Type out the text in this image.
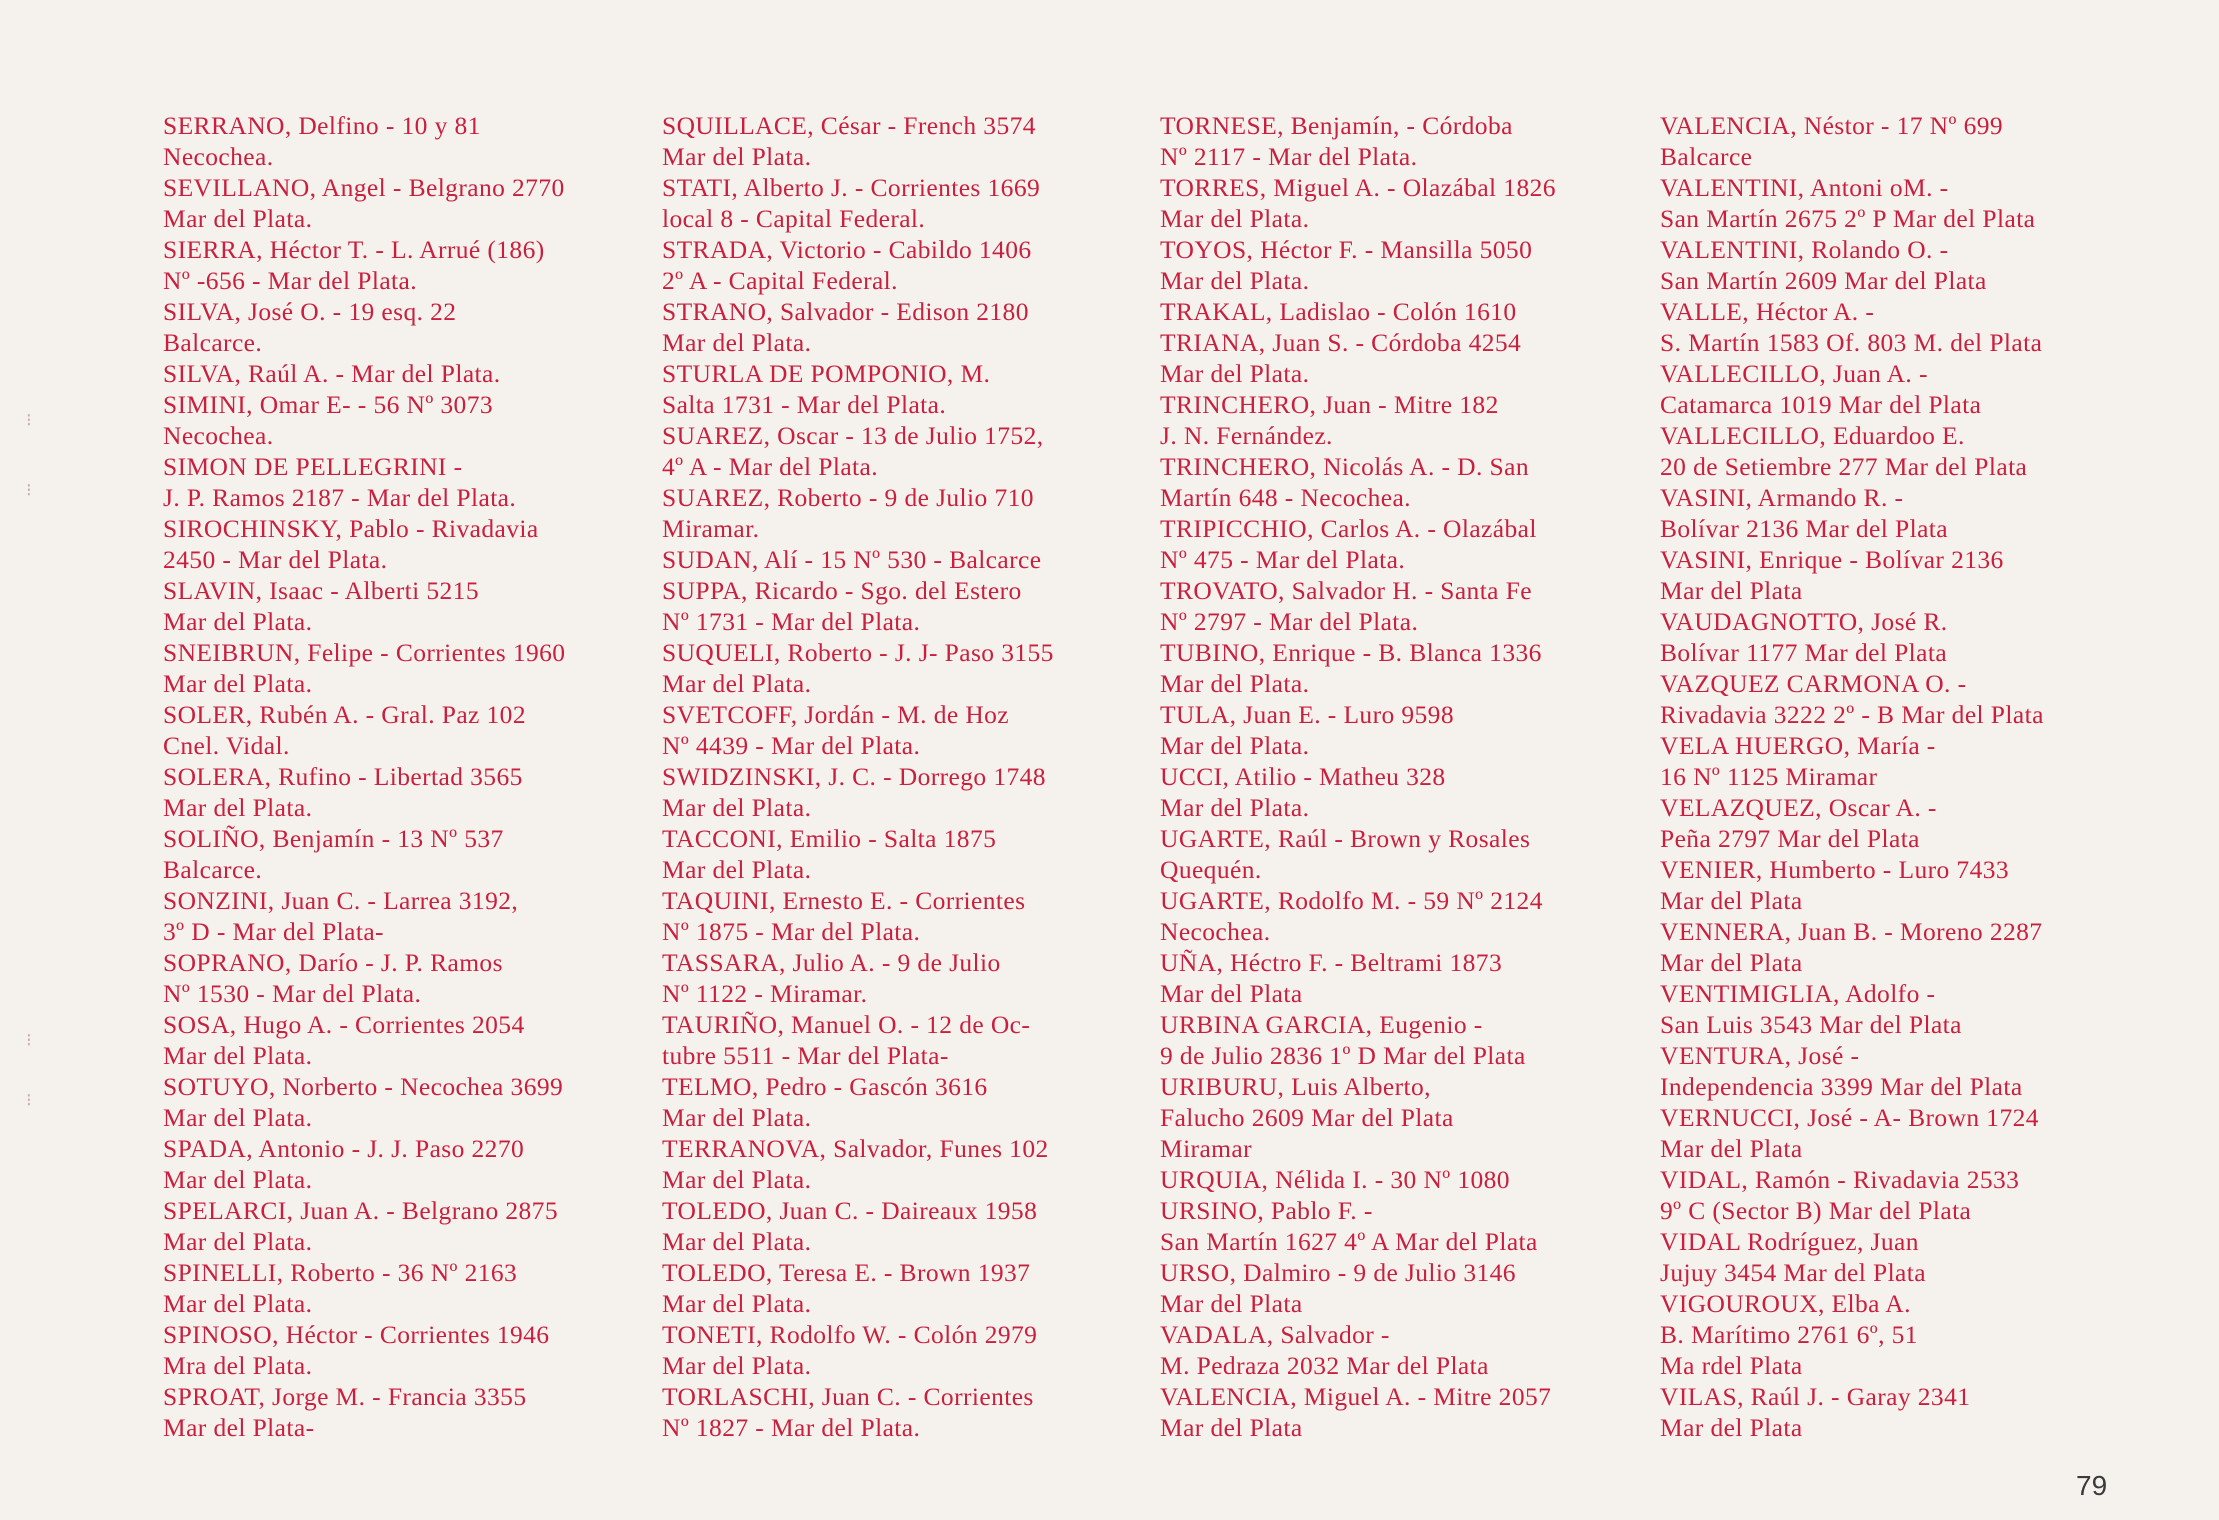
⁝
⁝
⁝
⁝
SERRANO, Delfino - 10 y 81
Necochea.
SEVILLANO, Angel - Belgrano 2770
Mar del Plata.
SIERRA, Héctor T. - L. Arrué (186)
Nº -656 - Mar del Plata.
SILVA, José O. - 19 esq. 22
Balcarce.
SILVA, Raúl A. - Mar del Plata.
SIMINI, Omar E- - 56 Nº 3073
Necochea.
SIMON DE PELLEGRINI -
J. P. Ramos 2187 - Mar del Plata.
SIROCHINSKY, Pablo - Rivadavia
2450 - Mar del Plata.
SLAVIN, Isaac - Alberti 5215
Mar del Plata.
SNEIBRUN, Felipe - Corrientes 1960
Mar del Plata.
SOLER, Rubén A. - Gral. Paz 102
Cnel. Vidal.
SOLERA, Rufino - Libertad 3565
Mar del Plata.
SOLIÑO, Benjamín - 13 Nº 537
Balcarce.
SONZINI, Juan C. - Larrea 3192,
3º D - Mar del Plata-
SOPRANO, Darío - J. P. Ramos
Nº 1530 - Mar del Plata.
SOSA, Hugo A. - Corrientes 2054
Mar del Plata.
SOTUYO, Norberto - Necochea 3699
Mar del Plata.
SPADA, Antonio - J. J. Paso 2270
Mar del Plata.
SPELARCI, Juan A. - Belgrano 2875
Mar del Plata.
SPINELLI, Roberto - 36 Nº 2163
Mar del Plata.
SPINOSO, Héctor - Corrientes 1946
Mra del Plata.
SPROAT, Jorge M. - Francia 3355
Mar del Plata-
SQUILLACE, César - French 3574
Mar del Plata.
STATI, Alberto J. - Corrientes 1669
local 8 - Capital Federal.
STRADA, Victorio - Cabildo 1406
2º A - Capital Federal.
STRANO, Salvador - Edison 2180
Mar del Plata.
STURLA DE POMPONIO, M.
Salta 1731 - Mar del Plata.
SUAREZ, Oscar - 13 de Julio 1752,
4º A - Mar del Plata.
SUAREZ, Roberto - 9 de Julio 710
Miramar.
SUDAN, Alí - 15 Nº 530 - Balcarce
SUPPA, Ricardo - Sgo. del Estero
Nº 1731 - Mar del Plata.
SUQUELI, Roberto - J. J- Paso 3155
Mar del Plata.
SVETCOFF, Jordán - M. de Hoz
Nº 4439 - Mar del Plata.
SWIDZINSKI, J. C. - Dorrego 1748
Mar del Plata.
TACCONI, Emilio - Salta 1875
Mar del Plata.
TAQUINI, Ernesto E. - Corrientes
Nº 1875 - Mar del Plata.
TASSARA, Julio A. - 9 de Julio
Nº 1122 - Miramar.
TAURIÑO, Manuel O. - 12 de Oc-
tubre 5511 - Mar del Plata-
TELMO, Pedro - Gascón 3616
Mar del Plata.
TERRANOVA, Salvador, Funes 102
Mar del Plata.
TOLEDO, Juan C. - Daireaux 1958
Mar del Plata.
TOLEDO, Teresa E. - Brown 1937
Mar del Plata.
TONETI, Rodolfo W. - Colón 2979
Mar del Plata.
TORLASCHI, Juan C. - Corrientes
Nº 1827 - Mar del Plata.
TORNESE, Benjamín, - Córdoba
Nº 2117 - Mar del Plata.
TORRES, Miguel A. - Olazábal 1826
Mar del Plata.
TOYOS, Héctor F. - Mansilla 5050
Mar del Plata.
TRAKAL, Ladislao - Colón 1610
TRIANA, Juan S. - Córdoba 4254
Mar del Plata.
TRINCHERO, Juan - Mitre 182
J. N. Fernández.
TRINCHERO, Nicolás A. - D. San
Martín 648 - Necochea.
TRIPICCHIO, Carlos A. - Olazábal
Nº 475 - Mar del Plata.
TROVATO, Salvador H. - Santa Fe
Nº 2797 - Mar del Plata.
TUBINO, Enrique - B. Blanca 1336
Mar del Plata.
TULA, Juan E. - Luro 9598
Mar del Plata.
UCCI, Atilio - Matheu 328
Mar del Plata.
UGARTE, Raúl - Brown y Rosales
Quequén.
UGARTE, Rodolfo M. - 59 Nº 2124
Necochea.
UÑA, Héctro F. - Beltrami 1873
Mar del Plata
URBINA GARCIA, Eugenio -
9 de Julio 2836 1º D Mar del Plata
URIBURU, Luis Alberto,
Falucho 2609 Mar del Plata
Miramar
URQUIA, Nélida I. - 30 Nº 1080
URSINO, Pablo F. -
San Martín 1627 4º A Mar del Plata
URSO, Dalmiro - 9 de Julio 3146
Mar del Plata
VADALA, Salvador -
M. Pedraza 2032 Mar del Plata
VALENCIA, Miguel A. - Mitre 2057
Mar del Plata
VALENCIA, Néstor - 17 Nº 699
Balcarce
VALENTINI, Antoni oM. -
San Martín 2675 2º P Mar del Plata
VALENTINI, Rolando O. -
San Martín 2609 Mar del Plata
VALLE, Héctor A. -
S. Martín 1583 Of. 803 M. del Plata
VALLECILLO, Juan A. -
Catamarca 1019 Mar del Plata
VALLECILLO, Eduardoo E.
20 de Setiembre 277 Mar del Plata
VASINI, Armando R. -
Bolívar 2136 Mar del Plata
VASINI, Enrique - Bolívar 2136
Mar del Plata
VAUDAGNOTTO, José R.
Bolívar 1177 Mar del Plata
VAZQUEZ CARMONA O. -
Rivadavia 3222 2º - B Mar del Plata
VELA HUERGO, María -
16 Nº 1125 Miramar
VELAZQUEZ, Oscar A. -
Peña 2797 Mar del Plata
VENIER, Humberto - Luro 7433
Mar del Plata
VENNERA, Juan B. - Moreno 2287
Mar del Plata
VENTIMIGLIA, Adolfo -
San Luis 3543 Mar del Plata
VENTURA, José -
Independencia 3399 Mar del Plata
VERNUCCI, José - A- Brown 1724
Mar del Plata
VIDAL, Ramón - Rivadavia 2533
9º C (Sector B) Mar del Plata
VIDAL Rodríguez, Juan
Jujuy 3454 Mar del Plata
VIGOUROUX, Elba A.
B. Marítimo 2761 6º, 51
Ma rdel Plata
VILAS, Raúl J. - Garay 2341
Mar del Plata
79
